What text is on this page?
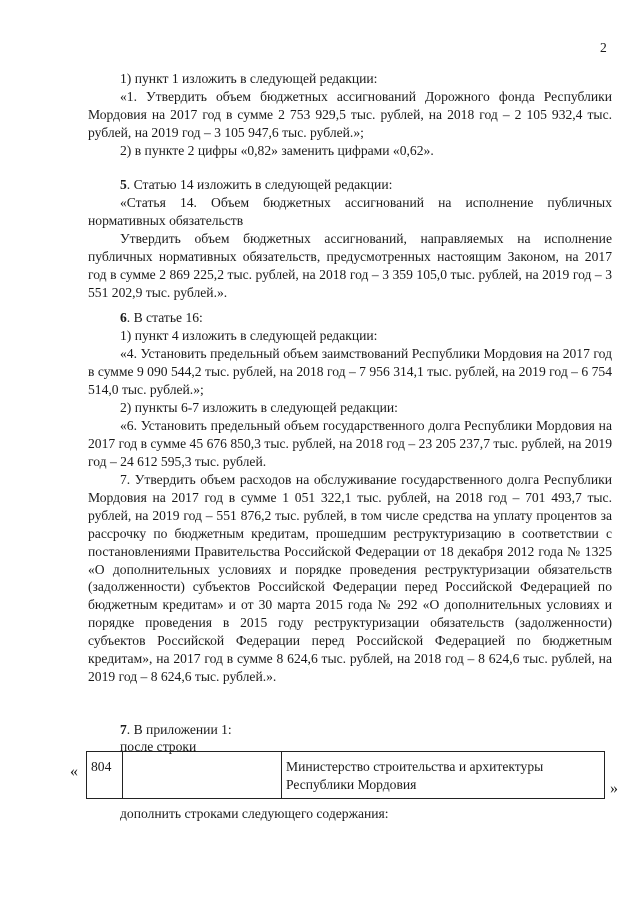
2

1) пункт 1 изложить в следующей редакции:

«1. Утвердить объем бюджетных ассигнований Дорожного фонда Республики Мордовия на 2017 год в сумме 2 753 929,5 тыс. рублей, на 2018 год – 2 105 932,4 тыс. рублей, на 2019 год – 3 105 947,6 тыс. рублей.»;

2) в пункте 2 цифры «0,82» заменить цифрами «0,62».

5. Статью 14 изложить в следующей редакции:

«Статья 14. Объем бюджетных ассигнований на исполнение публичных нормативных обязательств

Утвердить объем бюджетных ассигнований, направляемых на исполнение публичных нормативных обязательств, предусмотренных настоящим Законом, на 2017 год в сумме 2 869 225,2 тыс. рублей, на 2018 год – 3 359 105,0 тыс. рублей, на 2019 год – 3 551 202,9 тыс. рублей.».

6. В статье 16:

1) пункт 4 изложить в следующей редакции:

«4. Установить предельный объем заимствований Республики Мордовия на 2017 год в сумме 9 090 544,2 тыс. рублей, на 2018 год – 7 956 314,1 тыс. рублей, на 2019 год – 6 754 514,0 тыс. рублей.»;

2) пункты 6-7 изложить в следующей редакции:

«6. Установить предельный объем государственного долга Республики Мордовия на 2017 год в сумме 45 676 850,3 тыс. рублей, на 2018 год – 23 205 237,7 тыс. рублей, на 2019 год – 24 612 595,3 тыс. рублей.

7. Утвердить объем расходов на обслуживание государственного долга Республики Мордовия на 2017 год в сумме 1 051 322,1 тыс. рублей, на 2018 год – 701 493,7 тыс. рублей, на 2019 год – 551 876,2 тыс. рублей, в том числе средства на уплату процентов за рассрочку по бюджетным кредитам, прошедшим реструктуризацию в соответствии с постановлениями Правительства Российской Федерации от 18 декабря 2012 года № 1325 «О дополнительных условиях и порядке проведения реструктуризации обязательств (задолженности) субъектов Российской Федерации перед Российской Федерацией по бюджетным кредитам» и от 30 марта 2015 года № 292 «О дополнительных условиях и порядке проведения в 2015 году реструктуризации обязательств (задолженности) субъектов Российской Федерации перед Российской Федерацией по бюджетным кредитам», на 2017 год в сумме 8 624,6 тыс. рублей, на 2018 год – 8 624,6 тыс. рублей, на 2019 год – 8 624,6 тыс. рублей.».

7. В приложении 1:

после строки

« 804		Министерство строительства и архитектуры Республики Мордовия	»

дополнить строками следующего содержания:
